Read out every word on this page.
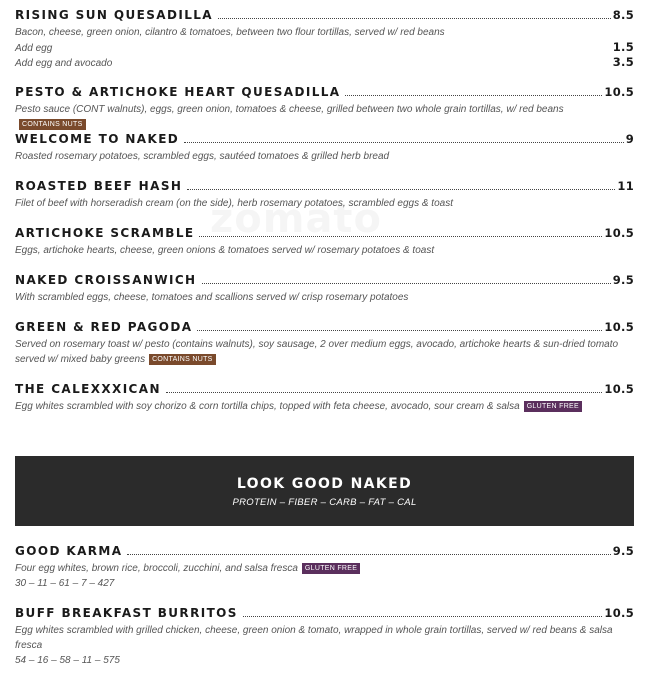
RISING SUN QUESADILLA	8.5
Bacon, cheese, green onion, cilantro & tomatoes, between two flour tortillas, served w/ red beans
Add egg	1.5
Add egg and avocado	3.5
PESTO & ARTICHOKE HEART QUESADILLA	10.5
Pesto sauce (CONT walnuts), eggs, green onion, tomatoes & cheese, grilled between two whole grain tortillas, w/ red beansCONTAINS NUTS
WELCOME TO NAKED	9
Roasted rosemary potatoes, scrambled eggs, sautéed tomatoes & grilled herb bread
ROASTED BEEF HASH	11
Filet of beef with horseradish cream (on the side), herb rosemary potatoes, scrambled eggs & toast
ARTICHOKE SCRAMBLE	10.5
Eggs, artichoke hearts, cheese, green onions & tomatoes served w/ rosemary potatoes & toast
NAKED CROISSANWICH	9.5
With scrambled eggs, cheese, tomatoes and scallions served w/ crisp rosemary potatoes
GREEN & RED PAGODA	10.5
Served on rosemary toast w/ pesto (contains walnuts), soy sausage, 2 over medium eggs, avocado, artichoke hearts & sun-dried tomato served w/ mixed baby greens CONTAINS NUTS
THE CALEXXXICAN	10.5
Egg whites scrambled with soy chorizo & corn tortilla chips, topped with feta cheese, avocado, sour cream & salsa GLUTEN FREE
LOOK GOOD NAKED
PROTEIN – FIBER – CARB – FAT – CAL
GOOD KARMA	9.5
Four egg whites, brown rice, broccoli, zucchini, and salsa fresca GLUTEN FREE
30 – 11 – 61 – 7 – 427
BUFF BREAKFAST BURRITOS	10.5
Egg whites scrambled with grilled chicken, cheese, green onion & tomato, wrapped in whole grain tortillas, served w/ red beans & salsa fresca
54 – 16 – 58 – 11 – 575
